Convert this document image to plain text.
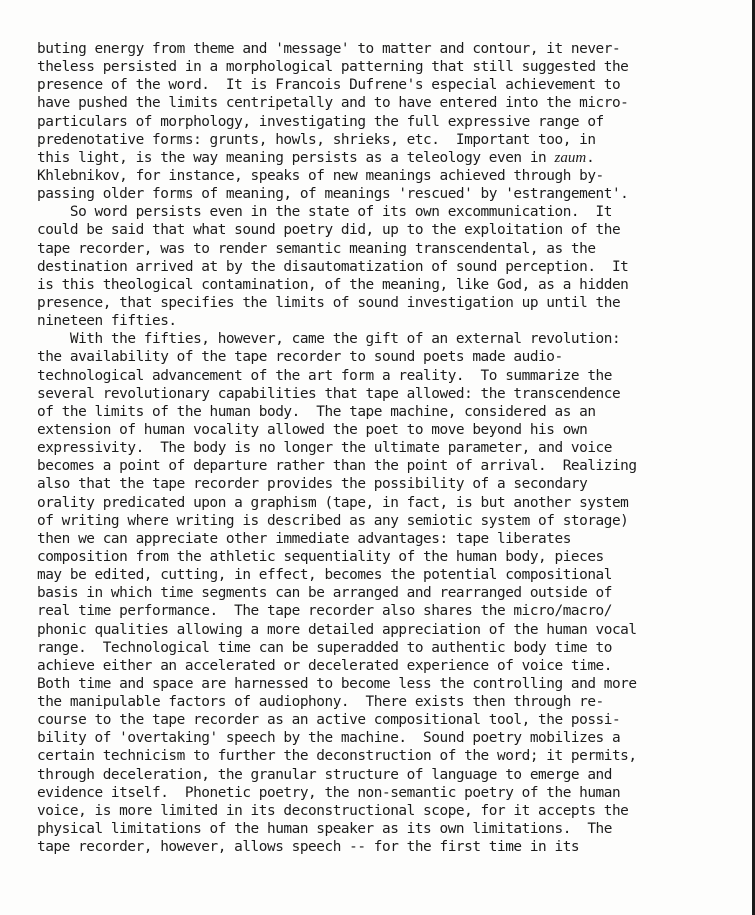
buting energy from theme and 'message' to matter and contour, it never-
theless persisted in a morphological patterning that still suggested the
presence of the word.  It is Francois Dufrene's especial achievement to
have pushed the limits centripetally and to have entered into the micro-
particulars of morphology, investigating the full expressive range of
predenotative forms: grunts, howls, shrieks, etc.  Important too, in
this light, is the way meaning persists as a teleology even in zaum.
Khlebnikov, for instance, speaks of new meanings achieved through by-
passing older forms of meaning, of meanings 'rescued' by 'estrangement'.
So word persists even in the state of its own excommunication.  It
could be said that what sound poetry did, up to the exploitation of the
tape recorder, was to render semantic meaning transcendental, as the
destination arrived at by the disautomatization of sound perception.  It
is this theological contamination, of the meaning, like God, as a hidden
presence, that specifies the limits of sound investigation up until the
nineteen fifties.
With the fifties, however, came the gift of an external revolution:
the availability of the tape recorder to sound poets made audio-
technological advancement of the art form a reality.  To summarize the
several revolutionary capabilities that tape allowed: the transcendence
of the limits of the human body.  The tape machine, considered as an
extension of human vocality allowed the poet to move beyond his own
expressivity.  The body is no longer the ultimate parameter, and voice
becomes a point of departure rather than the point of arrival.  Realizing
also that the tape recorder provides the possibility of a secondary
orality predicated upon a graphism (tape, in fact, is but another system
of writing where writing is described as any semiotic system of storage)
then we can appreciate other immediate advantages: tape liberates
composition from the athletic sequentiality of the human body, pieces
may be edited, cutting, in effect, becomes the potential compositional
basis in which time segments can be arranged and rearranged outside of
real time performance.  The tape recorder also shares the micro/macro/
phonic qualities allowing a more detailed appreciation of the human vocal
range.  Technological time can be superadded to authentic body time to
achieve either an accelerated or decelerated experience of voice time.
Both time and space are harnessed to become less the controlling and more
the manipulable factors of audiophony.  There exists then through re-
course to the tape recorder as an active compositional tool, the possi-
bility of 'overtaking' speech by the machine.  Sound poetry mobilizes a
certain technicism to further the deconstruction of the word; it permits,
through deceleration, the granular structure of language to emerge and
evidence itself.  Phonetic poetry, the non-semantic poetry of the human
voice, is more limited in its deconstructional scope, for it accepts the
physical limitations of the human speaker as its own limitations.  The
tape recorder, however, allows speech -- for the first time in its
